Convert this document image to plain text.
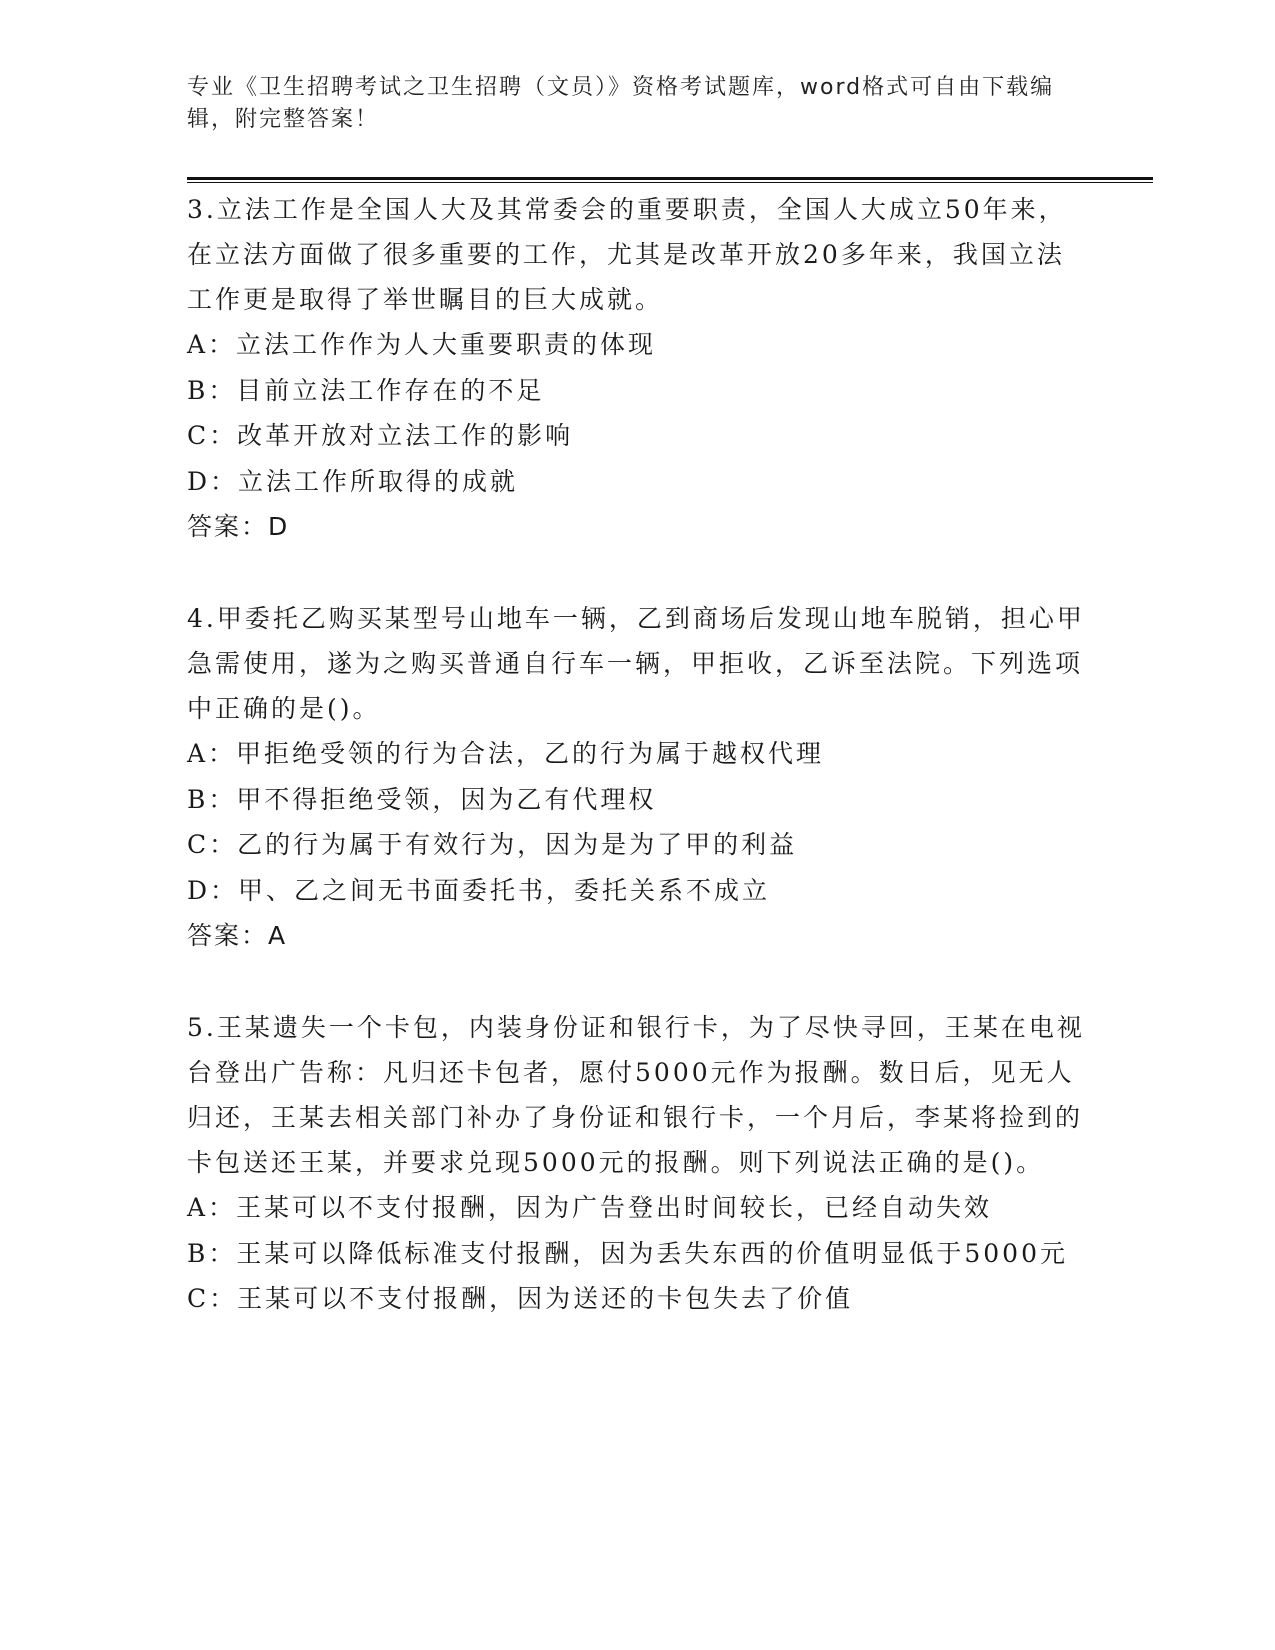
专业《卫生招聘考试之卫生招聘（文员）》资格考试题库，word格式可自由下载编辑，附完整答案！

3.立法工作是全国人大及其常委会的重要职责，全国人大成立50年来，在立法方面做了很多重要的工作，尤其是改革开放20多年来，我国立法工作更是取得了举世瞩目的巨大成就。

A：立法工作作为人大重要职责的体现

B：目前立法工作存在的不足

C：改革开放对立法工作的影响

D：立法工作所取得的成就

答案：D

4.甲委托乙购买某型号山地车一辆，乙到商场后发现山地车脱销，担心甲急需使用，遂为之购买普通自行车一辆，甲拒收，乙诉至法院。下列选项中正确的是()。

A：甲拒绝受领的行为合法，乙的行为属于越权代理

B：甲不得拒绝受领，因为乙有代理权

C：乙的行为属于有效行为，因为是为了甲的利益

D：甲、乙之间无书面委托书，委托关系不成立

答案：A

5.王某遗失一个卡包，内装身份证和银行卡，为了尽快寻回，王某在电视台登出广告称：凡归还卡包者，愿付5000元作为报酬。数日后，见无人归还，王某去相关部门补办了身份证和银行卡，一个月后，李某将捡到的卡包送还王某，并要求兑现5000元的报酬。则下列说法正确的是()。

A：王某可以不支付报酬，因为广告登出时间较长，已经自动失效

B：王某可以降低标准支付报酬，因为丢失东西的价值明显低于5000元

C：王某可以不支付报酬，因为送还的卡包失去了价值
